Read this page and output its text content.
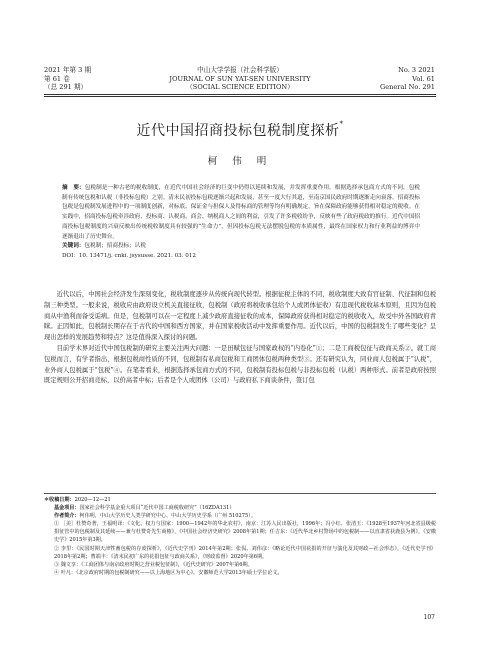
2021 年第 3 期
第 61 卷
（总 291 期）
中山大学学报（社会科学版）
JOURNAL OF SUN YAT-SEN UNIVERSITY
（SOCIAL SCIENCE EDITION）
No. 3 2021
Vol. 61
General No. 291
近代中国招商投标包税制度探析*
柯 伟 明

摘　要：包税制是一种古老的税收制度，在近代中国社会经济的巨变中仍得以延续和发展，并发挥重要作用。根据选择承包商方式的不同，包税制有传统包税和认税（非投标包税）之别。清末民初投标包税逐渐兴起和发展，甚至一度大行其道，至南京国民政府时期逐渐走向衰落。招商投标包税是包税制发展进程中的一项制度创新，对标底、保证金与担保人及得标商的管理等均有明确规定，旨在保障政府能够获得相对稳定的税收。在实践中，招商投标包税牵涉政府、投标商、认税商、商会、纳税商人之间的利益，引发了许多税收纷争，反映有些了政府税政的推行。近代中国招商投标包税制度的兴衰反映出传统税收制度具有较强的“生命力”，但因投标包税无法摆脱包税的本质属性，最终在国家权力和行业利益的博弈中逐渐退出了历史舞台。

关键词：包税制；招商投标；认税

DOI：10. 13471/j. cnki. jsysusse. 2021. 03. 012

近代以后，中国社会经济发生深刻变化，税收制度逐步从传统向现代转型。根据征税主体的不同，税收制度大致有官征制、代征制和包税制三种类型。一般来说，税收应由政府设立机关直接征收，包税制（政府将税收承包给个人或团体征收）有违现代税收基本原则，且因为包税商从中渔利而备受诟病。但是，包税制可以在一定程度上减少政府直接征收的成本，保障政府获得相对稳定的税收收入，故受中外各国政府青睐。正因如此，包税制长期存在于古代的中国和西方国家，并在国家税收活动中发挥重要作用。近代以后，中国的包税制发生了哪些变化？呈现出怎样的发展趋势和特点？这是值得深入探讨的问题。

目前学术界对近代中国包税制的研究主要关注两大问题：一是田赋包征与国家政权的“内卷化”①；二是工商税包征与政商关系②。就工商包税而言，有学者指出，根据包税商性质的不同，包税制有私商包税和工商团体包税两种类型③。还有研究认为，同业商人包税属于“认税”，业外商人包税属于“包税”④。在笔者看来，根据选择承包商方式的不同，包税制有投标包税与非投标包税（认税）两种形式。前者是政府按照既定规则公开招商竞标，以价高者中标；后者是个人或团体（公司）与政府私下商谈条件，签订包

＊收稿日期：2020—12—21

基金项目：国家社会科学基金重大项目“近代中国工商税收研究”（16ZDA131）

作者简介：柯伟明，中山大学历史人类学研究中心、中山大学历史学系（广州 510275）。

① ［美］杜赞奇著，王福明译：《文化、权力与国家：1900—1942年的华北农村》，南京：江苏人民出版社，1996年；冯小红、张清玉：《1928至1937年河北省县级税捐征管中的包税制及其延续——兼与杜赞奇先生商榷》，《中国社会经济史研究》2008年第1期；任吉东：《近代华北乡村警场中的包税制——以直隶省获鹿县为例》，《安徽史学》2015年第3期。

② 李里：《民国时期天津牲畜包税的存废探析》，《近代史学刊》2014年第2期；张侃、刘伟彦：《略论近代中国花捐的开征与演化及其财政—社会形态》，《近代史学刊》2018年第2期；曹端丰：《清末民初广东的花捐包征与政商关系》，《财政监督》2020年第6期。

③ 魏文享：《工商团体与南京政府时期之营业税包征制》，《近代史研究》2007年第6期。

④ 叶凡：《北京政府时期的包税制研究——以上海地区为中心》，安徽师范大学2013年硕士学位论文。

107
